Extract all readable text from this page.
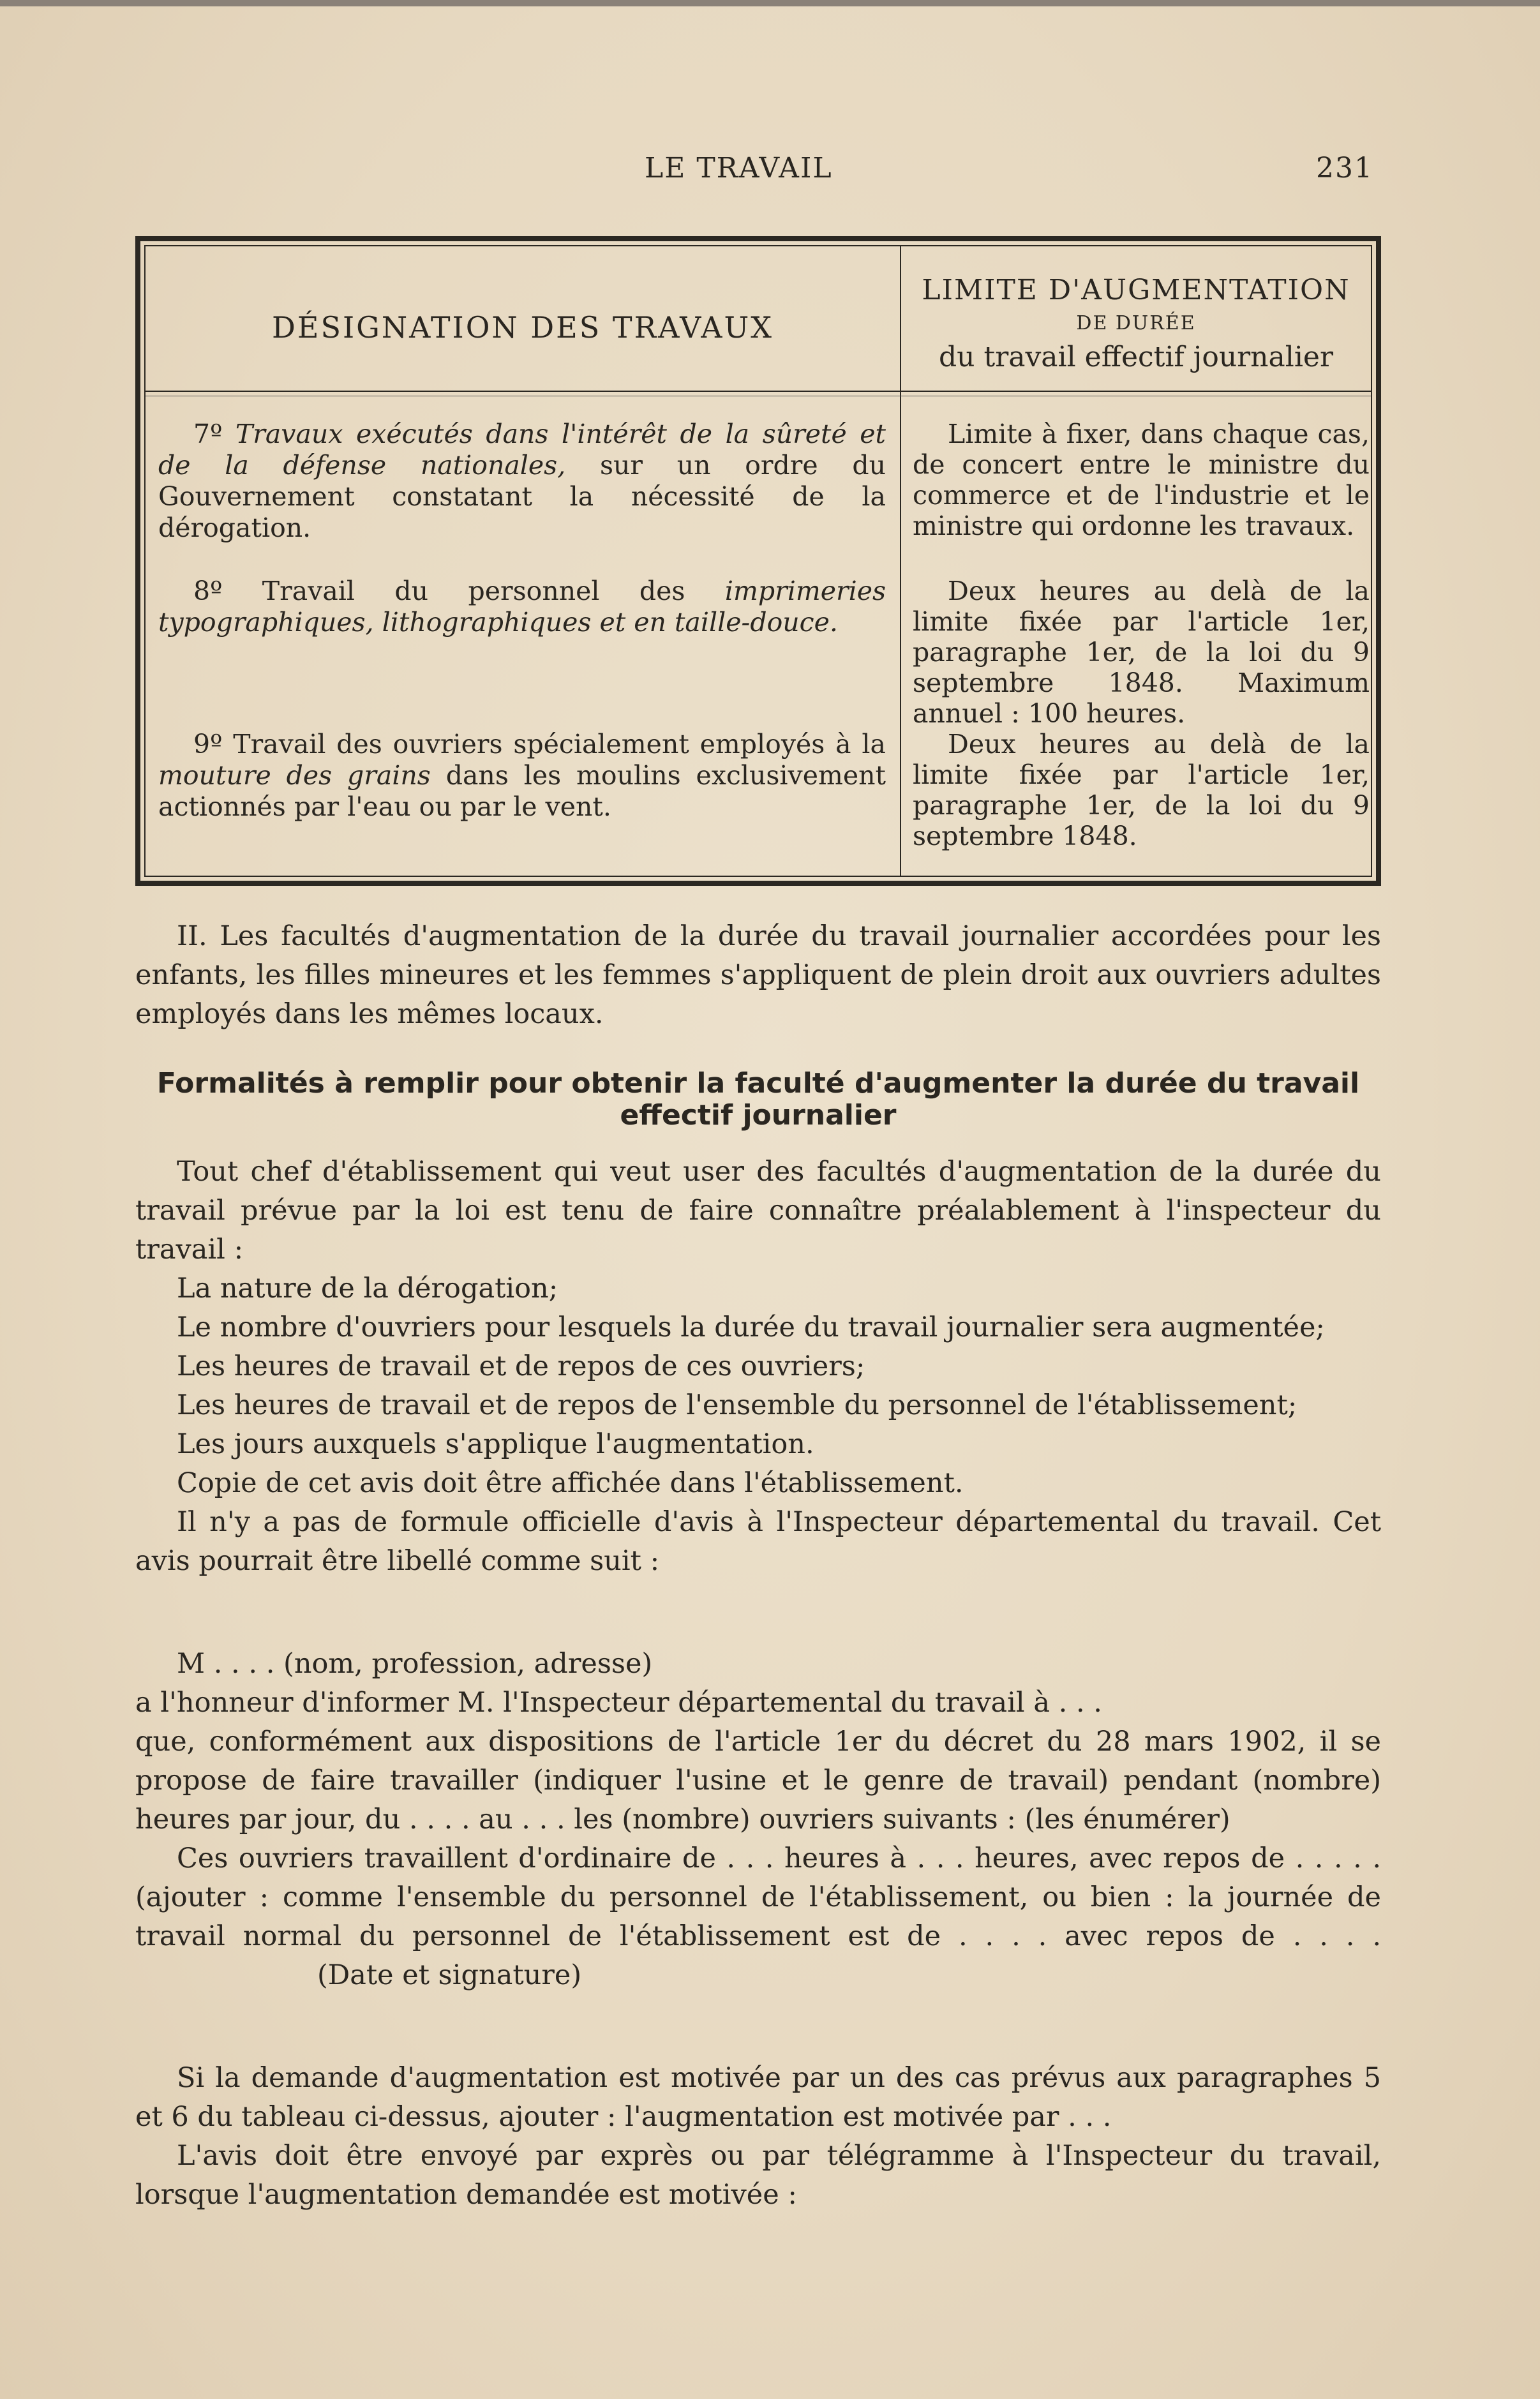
LE TRAVAIL	231
DÉSIGNATION DES TRAVAUX
LIMITE D'AUGMENTATION
DE DURÉE
du travail effectif journalier
7º Travaux exécutés dans l'intérêt de la sûreté et de la défense nationales, sur un ordre du Gouvernement constatant la nécessité de la dérogation.
Limite à fixer, dans chaque cas, de concert entre le ministre du commerce et de l'industrie et le ministre qui ordonne les travaux.
8º Travail du personnel des imprimeries typographiques, lithographiques et en taille-douce.
Deux heures au delà de la limite fixée par l'article 1er, paragraphe 1er, de la loi du 9 septembre 1848. Maximum annuel : 100 heures.
9º Travail des ouvriers spécialement employés à la mouture des grains dans les moulins exclusivement actionnés par l'eau ou par le vent.
Deux heures au delà de la limite fixée par l'article 1er, paragraphe 1er, de la loi du 9 septembre 1848.

II. Les facultés d'augmentation de la durée du travail journalier accordées pour les enfants, les filles mineures et les femmes s'appliquent de plein droit aux ouvriers adultes employés dans les mêmes locaux.

Formalités à remplir pour obtenir la faculté d'augmenter la durée du travail effectif journalier

Tout chef d'établissement qui veut user des facultés d'augmentation de la durée du travail prévue par la loi est tenu de faire connaître préalablement à l'inspecteur du travail :

La nature de la dérogation;

Le nombre d'ouvriers pour lesquels la durée du travail journalier sera augmentée;

Les heures de travail et de repos de ces ouvriers;

Les heures de travail et de repos de l'ensemble du personnel de l'établissement;

Les jours auxquels s'applique l'augmentation.

Copie de cet avis doit être affichée dans l'établissement.

Il n'y a pas de formule officielle d'avis à l'Inspecteur départemental du travail. Cet avis pourrait être libellé comme suit :

M . . . . (nom, profession, adresse)

a l'honneur d'informer M. l'Inspecteur départemental du travail à . . .

que, conformément aux dispositions de l'article 1er du décret du 28 mars 1902, il se propose de faire travailler (indiquer l'usine et le genre de travail) pendant (nombre) heures par jour, du . . . . au . . . les (nombre) ouvriers suivants : (les énumérer)

Ces ouvriers travaillent d'ordinaire de . . . heures à . . . heures, avec repos de . . . . . (ajouter : comme l'ensemble du personnel de l'établissement, ou bien : la journée de travail normal du personnel de l'établissement est de . . . . avec repos de . . . . (Date et signature)

Si la demande d'augmentation est motivée par un des cas prévus aux paragraphes 5 et 6 du tableau ci-dessus, ajouter : l'augmentation est motivée par . . .

L'avis doit être envoyé par exprès ou par télégramme à l'Inspecteur du travail, lorsque l'augmentation demandée est motivée :
